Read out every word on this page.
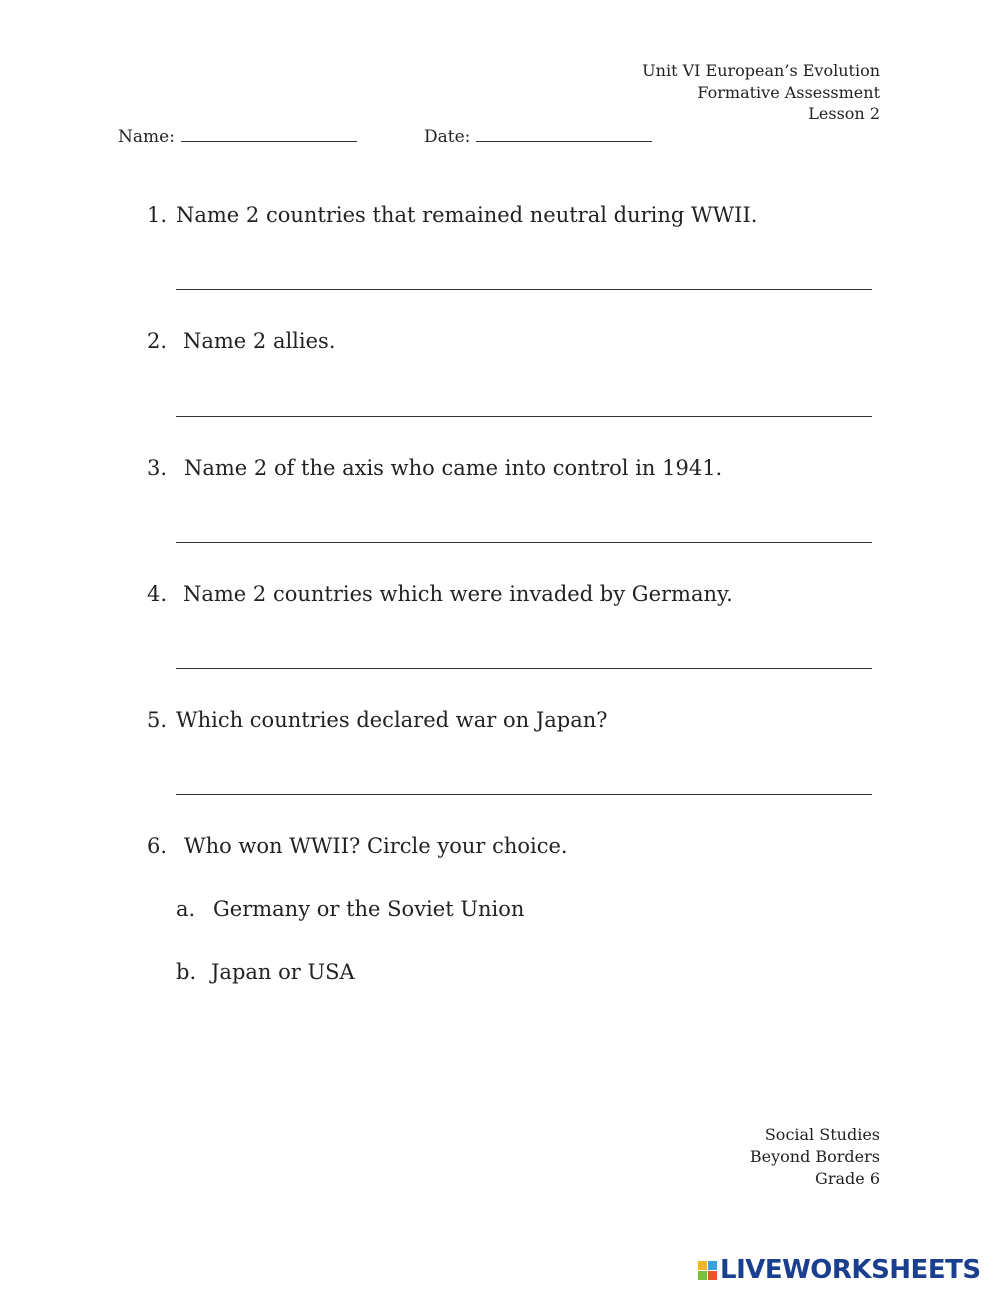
Unit VI European’s Evolution
Formative Assessment
Lesson 2
Name:	Date:
1. Name 2 countries that remained neutral during WWII.
2. Name 2 allies.
3. Name 2 of the axis who came into control in 1941.
4. Name 2 countries which were invaded by Germany.
5. Which countries declared war on Japan?
6. Who won WWII? Circle your choice.
a. Germany or the Soviet Union
b. Japan or USA
Social Studies
Beyond Borders
Grade 6
LIVEWORKSHEETS
